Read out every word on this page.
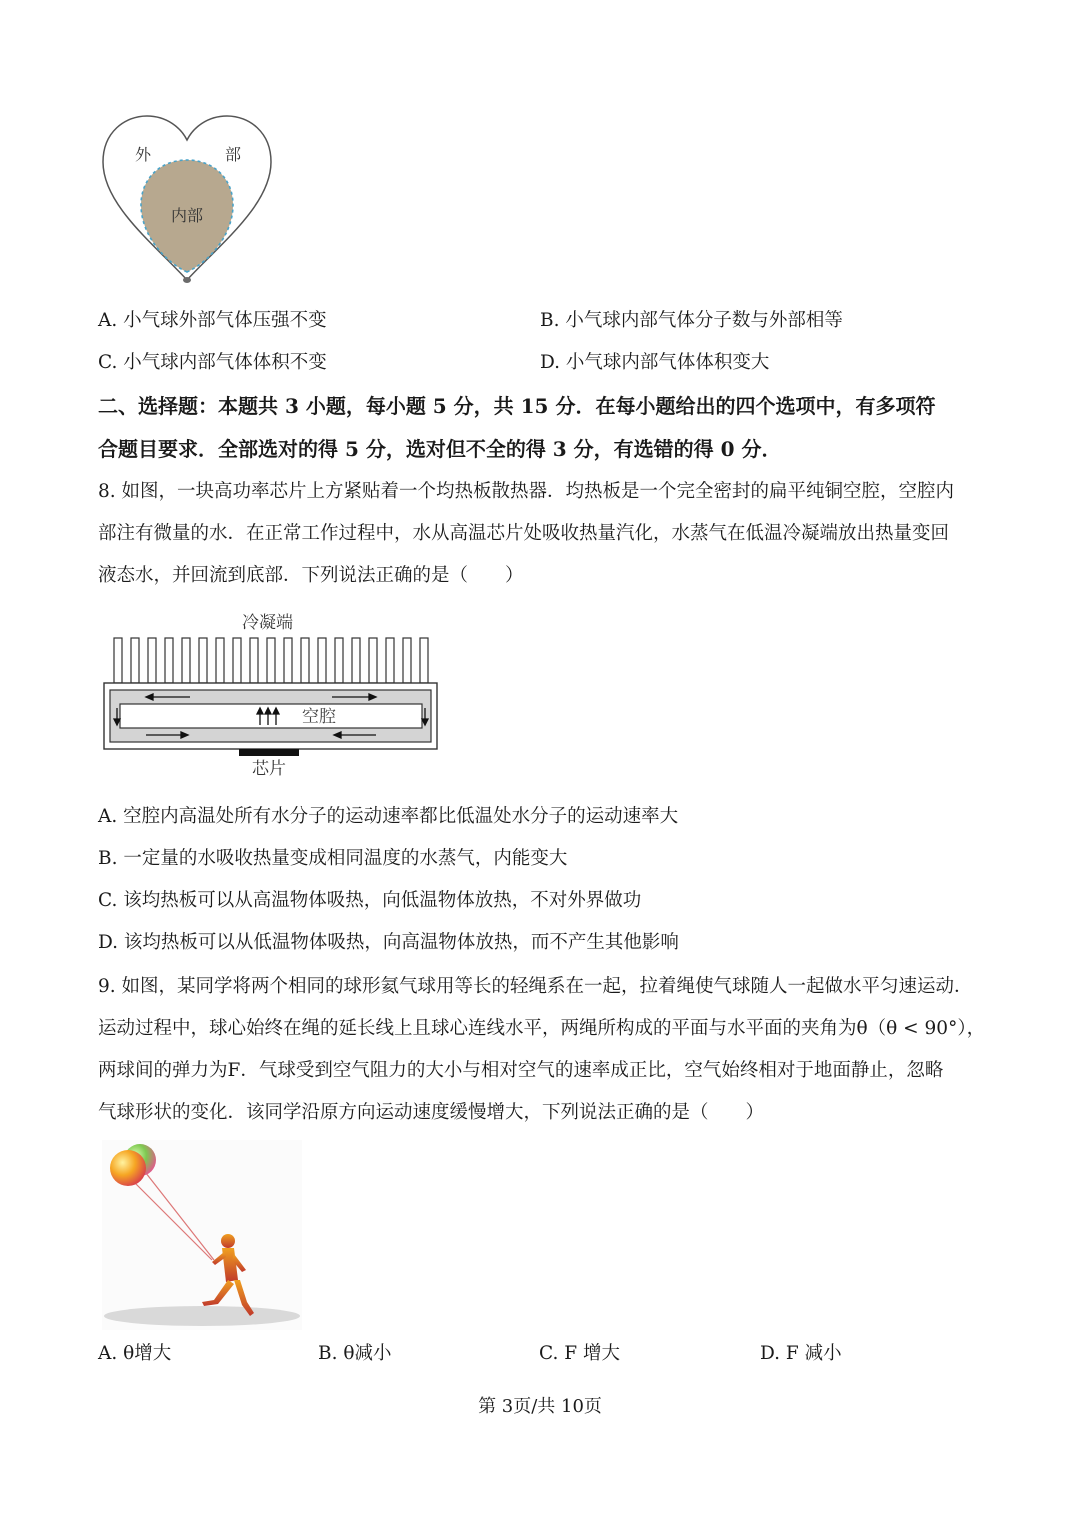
外	部
内部
A. 小气球外部气体压强不变	B. 小气球内部气体分子数与外部相等
C. 小气球内部气体体积不变	D. 小气球内部气体体积变大
二、选择题：本题共 3 小题，每小题 5 分，共 15 分．在每小题给出的四个选项中，有多项符
合题目要求．全部选对的得 5 分，选对但不全的得 3 分，有选错的得 0 分．
8. 如图，一块高功率芯片上方紧贴着一个均热板散热器．均热板是一个完全密封的扁平纯铜空腔，空腔内
部注有微量的水．在正常工作过程中，水从高温芯片处吸收热量汽化，水蒸气在低温冷凝端放出热量变回
液态水，并回流到底部．下列说法正确的是（　　）
冷凝端
空腔
芯片
A. 空腔内高温处所有水分子的运动速率都比低温处水分子的运动速率大
B. 一定量的水吸收热量变成相同温度的水蒸气，内能变大
C. 该均热板可以从高温物体吸热，向低温物体放热，不对外界做功
D. 该均热板可以从低温物体吸热，向高温物体放热，而不产生其他影响
9. 如图，某同学将两个相同的球形氦气球用等长的轻绳系在一起，拉着绳使气球随人一起做水平匀速运动．
运动过程中，球心始终在绳的延长线上且球心连线水平，两绳所构成的平面与水平面的夹角为θ（θ < 90°），
两球间的弹力为F．气球受到空气阻力的大小与相对空气的速率成正比，空气始终相对于地面静止，忽略
气球形状的变化．该同学沿原方向运动速度缓慢增大，下列说法正确的是（　　）
A. θ增大	B. θ减小	C. F 增大	D. F 减小
第 3页/共 10页
